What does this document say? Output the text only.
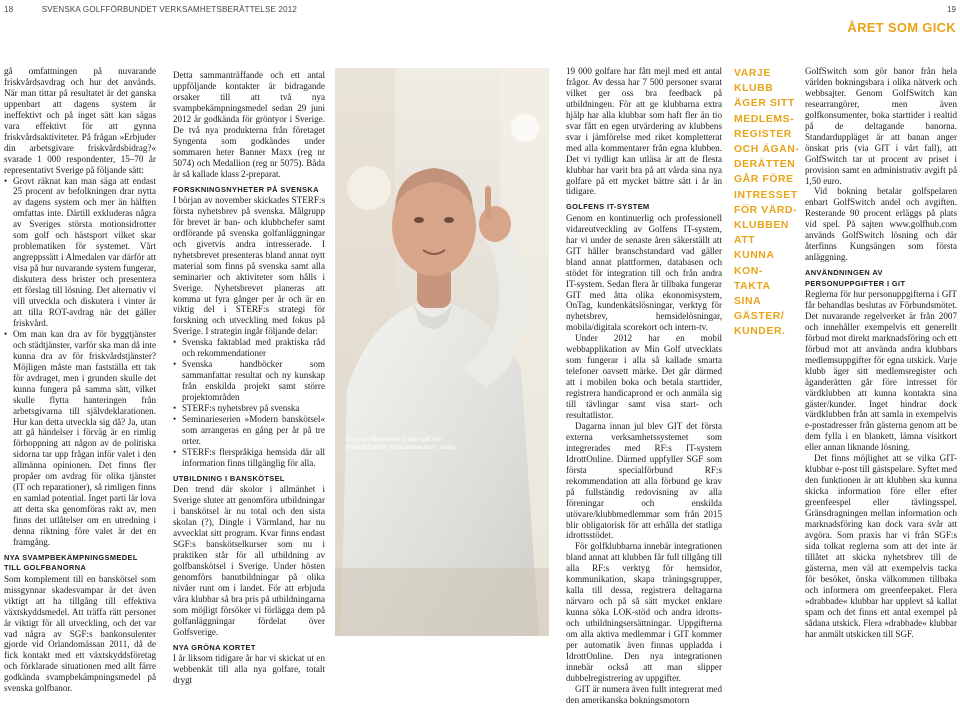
18	SVENSKA GOLFFÖRBUNDET VERKSAMHETSBERÄTTELSE 2012	19
ÅRET SOM GICK

gå omfattningen på nuvarande friskvårdsavdrag och hur det används. När man tittar på resultatet är det ganska uppenbart att dagens system är ineffektivt och på inget sätt kan sägas vara effektivt för att gynna friskvårdsaktiviteter. På frågan »Erbjuder din arbetsgivare friskvårdsbidrag?« svarade 1 000 respondenter, 15–70 år representativt Sverige på följande sätt:

• Grovt räknat kan man säga att endast 25 procent av befolkningen drar nytta av dagens system och mer än hälften omfattas inte. Därtill exkluderas några av Sveriges största motionsidrotter som golf och hästsport vilket skar problematiken för systemet. Vårt angreppssätt i Almedalen var därför att visa på hur nuvarande system fungerar, diskutera dess brister och presentera ett förslag till lösning. Det alternativ vi vill utveckla och diskutera i vinter är att tilla ROT-avdrag när det gäller friskvård.
• Om man kan dra av för byggtjänster och städtjänster, varför ska man då inte kunna dra av för friskvårdstjänster? Möjligen måste man fastställa ett tak för avdraget, men i grunden skulle det kunna fungera på samma sätt, vilket skulle flytta hanteringen från arbetsgivarna till självdeklarationen. Hur kan detta utveckla sig då? Ja, utan att gå händelser i förväg är en rimlig förhoppning att någon av de politiska sidorna tar upp frågan inför valet i den allmänna opinionen. Det finns fler propåer om avdrag för olika tjänster (IT och reparationer), så rimligen finns en samlad potential. Inget parti lär lova att detta ska genomföras rakt av, men finns det utlåtelser om en utredning i denna riktning före valet är det en framgång.
NYA SVAMPBEKÄMPNINGSMEDEL TILL GOLFBANORNA

Som komplement till en banskötsel som missgynnar skadesvampar är det även viktigt att ha tillgång till effektiva växtskyddsmedel. Att träffa rätt personer är viktigt för all utveckling, och det var vad några av SGF:s bankonsulenter gjorde vid Orlandomässan 2011, då de fick kontakt med ett växtskyddsföretag och förklarade situationen med allt färre godkända svampbekämpningsmedel på svenska golfbanor.

Detta sammanträffande och ett antal uppföljande kontakter är bidragande orsaker till att två nya svampbekämpningsmedel sedan 29 juni 2012 är godkända för gröntyor i Sverige. De två nya produkterna från företaget Syngenta som godkändes under sommaren heter Banner Maxx (reg nr 5074) och Medallion (reg nr 5075). Båda är så kallade klass 2-preparat.

FORSKNINGSNYHETER PÅ SVENSKA

I början av november skickades STERF:s första nyhetsbrev på svenska. Målgrupp för brevet är ban- och klubbchefer samt ordförande på svenska golfanläggningar och givetvis andra intresserade. I nyhetsbrevet presenteras bland annat nytt material som finns på svenska samt alla seminarier och aktiviteter som hålls i Sverige. Nyhetsbrevet planeras att komma ut fyra gånger per år och är en viktig del i STERF:s strategi för forskning och utveckling med fokus på Sverige. I strategin ingår följande delar:

• Svenska faktablad med praktiska råd och rekommendationer
• Svenska handböcker som sammanfattar resultat och ny kunskap från enskilda projekt samt större projektområden
• STERF:s nyhetsbrev på svenska
• Seminarieserien »Modern banskötsel« som arrangeras en gång per år på tre orter.
• STERF:s flerspråkiga hemsida där all information finns tillgänglig för alla.
UTBILDNING I BANSKÖTSEL

Den trend där skolor i allmänhet i Sverige sluter att genomföra utbildningar i banskötsel är nu total och den sista skolan (?), Dingle i Värmland, har nu avvecklat sitt program. Kvar finns endast SGF:s banskötselkurser som nu i praktiken står för all utbildning av golfbanskötsel i Sverige. Under hösten genomförs banutbildningar på olika nivåer runt om i landet. För att erbjuda våra klubbar så bra pris på utbildningarna som möjligt försöker vi förlägga dem på golfanläggningar fördelat över Golfsverige.

NYA GRÖNA KORTET

I år liksom tidigare år har vi skickat ut en webbenkät till alla nya golfare, totalt drygt

Gunnar Håkansson pratar golf och friskvård under Almedalsveckan i Visby.

19 000 golfare har fått mejl med ett antal frågor. Av dessa har 7 500 personer svarat vilket ger oss bra feedback på utbildningen. För att ge klubbarna extra hjälp har alla klubbar som haft fler än tio svar fått en egen utvärdering av klubbens svar i jämförelse med riket kompletterat med alla kommentarer från egna klubben. Det vi tydligt kan utläsa är att de flesta klubbar har varit bra på att vårda sina nya golfare på ett mycket bättre sätt i år än tidigare.

GOLFENS IT-SYSTEM

Genom en kontinuerlig och professionell vidareutveckling av Golfens IT-system, har vi under de senaste åren säkerställt att GIT håller branschstandard vad gäller bland annat plattformen, databasen och stödet för integration till och från andra IT-system. Sedan flera år tillbaka fungerar GIT med åtta olika ekonomisystem, OnTag, kundenkätslösningar, verktyg för nyhetsbrev, hemsidelösningar, mobila/digitala scorekort och intern-tv.

Under 2012 har en mobil webbapplikation av Min Golf utvecklats som fungerar i alla så kallade smarta telefoner oavsett märke. Det går därmed att i mobilen boka och betala starttider, registrera handicaprond er och anmäla sig till tävlingar samt visa start- och resultatlistor.

Dagarna innan jul blev GIT det första externa verksamhetssystemet som integrerades med RF:s IT-system IdrottOnline. Därmed uppfyller SGF som första specialförbund RF:s rekommendation att alla förbund ge krav på fullständig redovisning av alla föreningar och enskilda utövare/klubbmedlemmar som från 2015 blir obligatorisk för att erhålla det statliga idrottsstödet.

För golfklubbarna innebär integrationen bland annat att klubben får full tillgång till alla RF:s verktyg för hemsidor, kommunikation, skapa träningsgrupper, kalla till dessa, registrera deltagarna närvaro och på så sätt mycket enklare kunna söka LOK-stöd och andra idrotts- och utbildningsersättningar. Uppgifterna om alla aktiva medlemmar i GIT kommer per automatik även finnas uppladda i IdrottOnline. Den nya integrationen innebär också att man slipper dubbelregistrering av uppgifter.

GIT är numera även fullt integrerat med den amerikanska bokningsmotorn

VARJE
KLUBB
ÄGER SITT
MEDLEMS-
REGISTER
OCH ÄGAN-
DERÄTTEN
GÅR FÖRE
INTRESSET
FÖR VÄRD-
KLUBBEN ATT
KUNNA KON-
TAKTA SINA
GÄSTER/
KUNDER.

GolfSwitch som gör banor från hela världen bokningsbara i olika nätverk och webbsajter. Genom GolfSwitch kan researrangörer, men även golfkonsumenter, boka starttider i realtid på de deltagande banorna. Standarduppläget är att banan anger önskat pris (via GIT i vårt fall), att GolfSwitch tar ut procent av priset i provision samt en administrativ avgift på 1,50 euro.

Vid bokning betalar golfspelaren enbart GolfSwitch andel och avgiften. Resterande 90 procent erläggs på plats vid spel. På sajten www.golfhub.com används GolfSwitch lösning och där återfinns Kungsängen som första anläggning.

ANVÄNDNINGEN AV PERSONUPPGIFTER I GIT

Reglerna för hur personuppgifterna i GIT får behandlas beslutas av Förbundsmötet. Det nuvarande regelverket är från 2007 och innehåller exempelvis ett generellt förbud mot direkt marknadsföring och ett förbud mot att använda andra klubbars medlemsuppgifter för egna utskick. Varje klubb äger sitt medlemsregister och äganderätten går före intresset för värdklubben att kunna kontakta sina gäster/kunder. Inget hindrar dock värdklubben från att samla in exempelvis e-postadresser från gästerna genom att be dem fylla i en blankett, lämna visitkort eller annan liknande lösning.

Det finns möjlighet att se vilka GIT-klubbar e-post till gästspelare. Syftet med den funktionen är att klubben ska kunna skicka information före eller efter greenfeespel eller tävlingsspel. Gränsdragningen mellan information och marknadsföring kan dock vara svår att avgöra. Som praxis har vi från SGF:s sida tolkat reglerna som att det inte är tillåtet att skicka nyhetsbrev till de gästerna, men väl att exempelvis tacka för besöket, önska välkommen tillbaka och informera om greenfeepaket. Flera »drabbade« klubbar har upplevt så kallat spam och det finns ett antal exempel på sådana utskick. Flera »drabbade« klubbar har anmält utskicken till SGF.
